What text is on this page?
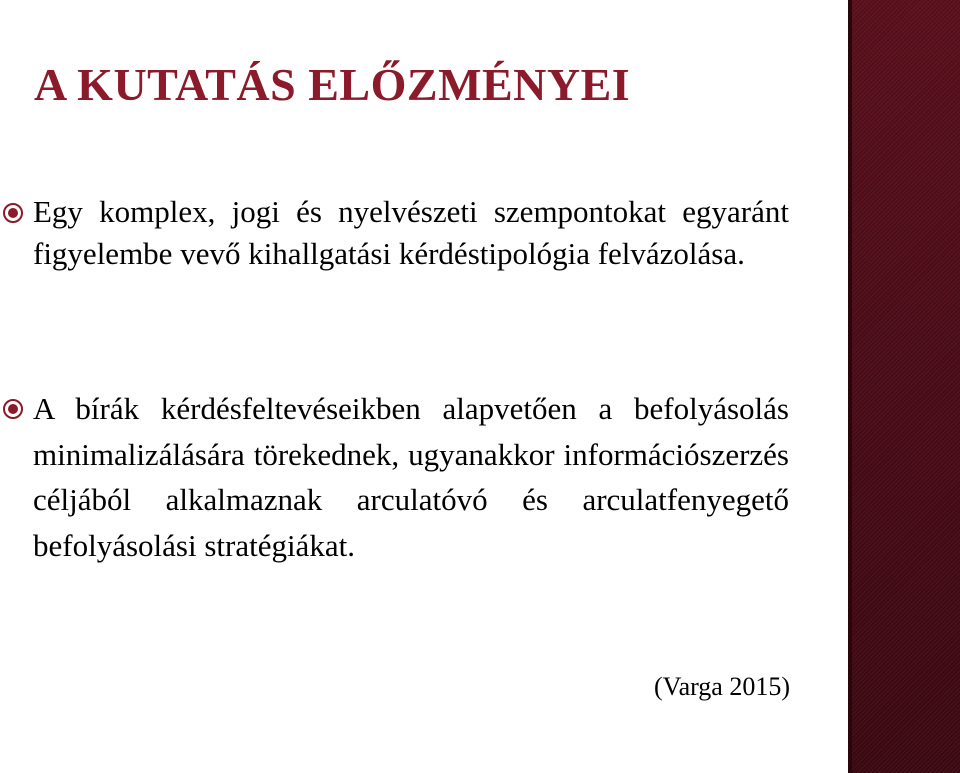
A KUTATÁS ELŐZMÉNYEI
Egy komplex, jogi és nyelvészeti szempontokat egyaránt figyelembe vevő kihallgatási kérdéstipológia felvázolása.
A bírák kérdésfeltevéseikben alapvetően a befolyásolás minimalizálására törekednek, ugyanakkor információszerzés céljából alkalmaznak arculatóvó és arculatfenyegető befolyásolási stratégiákat.
(Varga 2015)
